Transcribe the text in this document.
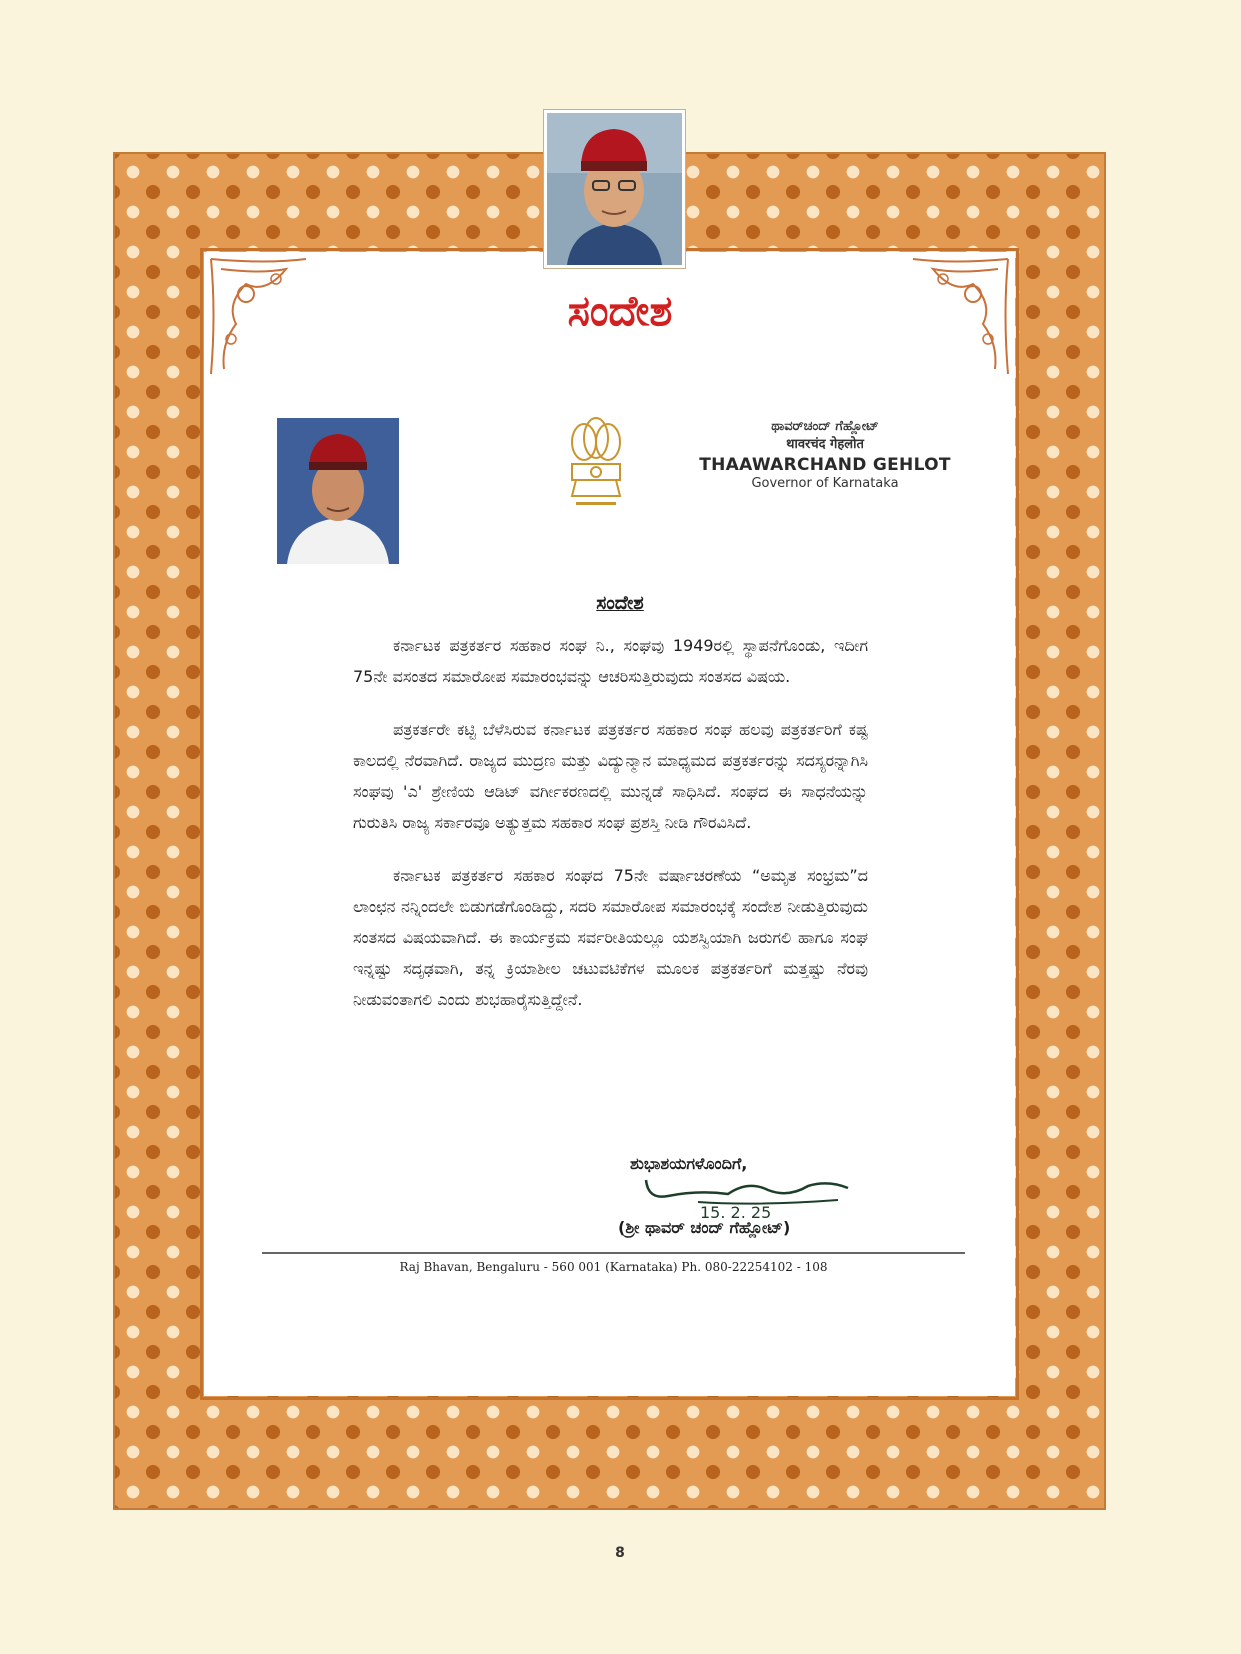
ಸಂದೇಶ
ಥಾವರ್‌ಚಂದ್ ಗೆಹ್ಲೋಟ್
थावरचंद गेहलोत
THAAWARCHAND GEHLOT
Governor of Karnataka
ಸಂದೇಶ

ಕರ್ನಾಟಕ ಪತ್ರಕರ್ತರ ಸಹಕಾರ ಸಂಘ ನಿ., ಸಂಘವು 1949ರಲ್ಲಿ ಸ್ಥಾಪನೆಗೊಂಡು, ಇದೀಗ 75ನೇ ವಸಂತದ ಸಮಾರೋಪ ಸಮಾರಂಭವನ್ನು ಆಚರಿಸುತ್ತಿರುವುದು ಸಂತಸದ ವಿಷಯ.

ಪತ್ರಕರ್ತರೇ ಕಟ್ಟಿ ಬೆಳೆಸಿರುವ ಕರ್ನಾಟಕ ಪತ್ರಕರ್ತರ ಸಹಕಾರ ಸಂಘ ಹಲವು ಪತ್ರಕರ್ತರಿಗೆ ಕಷ್ಟ ಕಾಲದಲ್ಲಿ ನೆರವಾಗಿದೆ. ರಾಜ್ಯದ ಮುದ್ರಣ ಮತ್ತು ವಿದ್ಯುನ್ಮಾನ ಮಾಧ್ಯಮದ ಪತ್ರಕರ್ತರನ್ನು ಸದಸ್ಯರನ್ನಾಗಿಸಿ ಸಂಘವು 'ಎ' ಶ್ರೇಣಿಯ ಆಡಿಟ್ ವರ್ಗೀಕರಣದಲ್ಲಿ ಮುನ್ನಡೆ ಸಾಧಿಸಿದೆ. ಸಂಘದ ಈ ಸಾಧನೆಯನ್ನು ಗುರುತಿಸಿ ರಾಜ್ಯ ಸರ್ಕಾರವೂ ಅತ್ಯುತ್ತಮ ಸಹಕಾರ ಸಂಘ ಪ್ರಶಸ್ತಿ ನೀಡಿ ಗೌರವಿಸಿದೆ.

ಕರ್ನಾಟಕ ಪತ್ರಕರ್ತರ ಸಹಕಾರ ಸಂಘದ 75ನೇ ವರ್ಷಾಚರಣೆಯ “ಅಮೃತ ಸಂಭ್ರಮ”ದ ಲಾಂಛನ ನನ್ನಿಂದಲೇ ಬಿಡುಗಡೆಗೊಂಡಿದ್ದು, ಸದರಿ ಸಮಾರೋಪ ಸಮಾರಂಭಕ್ಕೆ ಸಂದೇಶ ನೀಡುತ್ತಿರುವುದು ಸಂತಸದ ವಿಷಯವಾಗಿದೆ. ಈ ಕಾರ್ಯಕ್ರಮ ಸರ್ವರೀತಿಯಲ್ಲೂ ಯಶಸ್ವಿಯಾಗಿ ಜರುಗಲಿ ಹಾಗೂ ಸಂಘ ಇನ್ನಷ್ಟು ಸದೃಢವಾಗಿ, ತನ್ನ ಕ್ರಿಯಾಶೀಲ ಚಟುವಟಿಕೆಗಳ ಮೂಲಕ ಪತ್ರಕರ್ತರಿಗೆ ಮತ್ತಷ್ಟು ನೆರವು ನೀಡುವಂತಾಗಲಿ ಎಂದು ಶುಭಹಾರೈಸುತ್ತಿದ್ದೇನೆ.

ಶುಭಾಶಯಗಳೊಂದಿಗೆ,
15. 2. 25
(ಶ್ರೀ ಥಾವರ್ ಚಂದ್ ಗೆಹ್ಲೋಟ್)
Raj Bhavan, Bengaluru - 560 001 (Karnataka) Ph. 080-22254102 - 108
8
